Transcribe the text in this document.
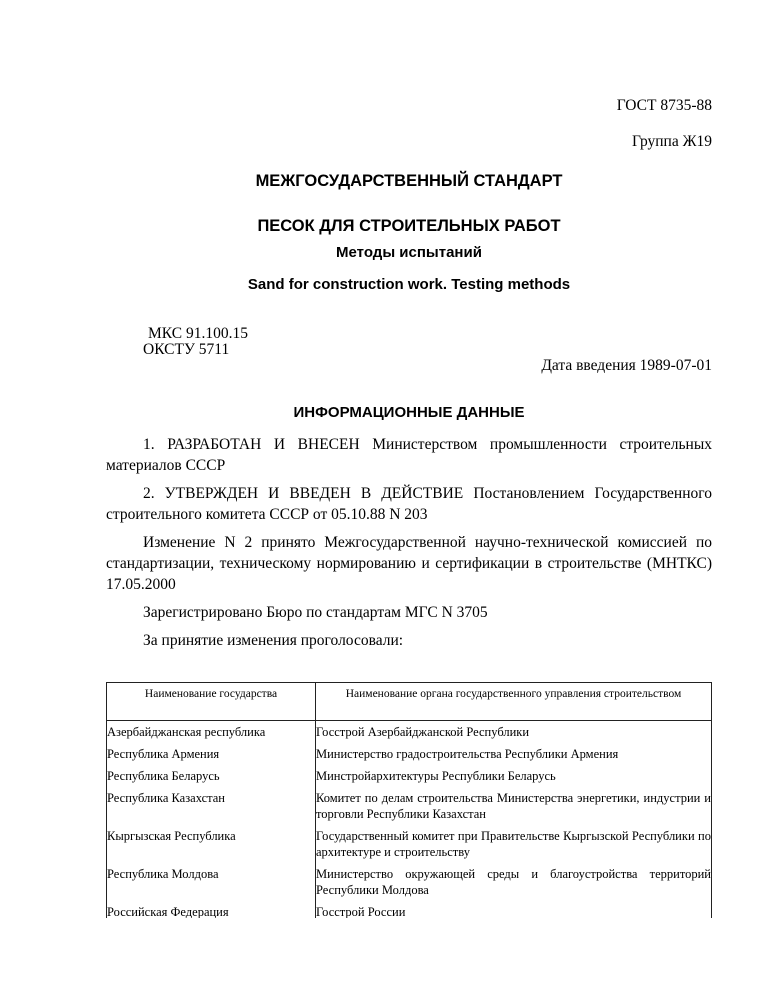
ГОСТ 8735-88
Группа Ж19
МЕЖГОСУДАРСТВЕННЫЙ СТАНДАРТ
ПЕСОК ДЛЯ СТРОИТЕЛЬНЫХ РАБОТ
Методы испытаний
Sand for construction work. Testing methods
МКС 91.100.15
ОКСТУ 5711
Дата введения 1989-07-01
ИНФОРМАЦИОННЫЕ ДАННЫЕ
1. РАЗРАБОТАН И ВНЕСЕН Министерством промышленности строительных
материалов СССР
2. УТВЕРЖДЕН И ВВЕДЕН В ДЕЙСТВИЕ Постановлением Государственного
строительного комитета СССР от 05.10.88 N 203
Изменение N 2 принято Межгосударственной научно-технической комиссией по
стандартизации, техническому нормированию и сертификации в строительстве (МНТКС)
17.05.2000
Зарегистрировано Бюро по стандартам МГС N 3705
За принятие изменения проголосовали:
Наименование государства	Наименование органа государственного управления строительством
Азербайджанская республика	Госстрой Азербайджанской Республики

Республика Армения	Министерство градостроительства Республики Армения

Республика Беларусь	Минстройархитектуры Республики Беларусь

Республика Казахстан	Комитет по делам строительства Министерства энергетики, индустрии и
торговли Республики Казахстан

Кыргызская Республика	Государственный комитет при Правительстве Кыргызской Республики по
архитектуре и строительству

Республика Молдова	Министерство окружающей среды и благоустройства территорий
Республики Молдова

Российская Федерация	Госстрой России
